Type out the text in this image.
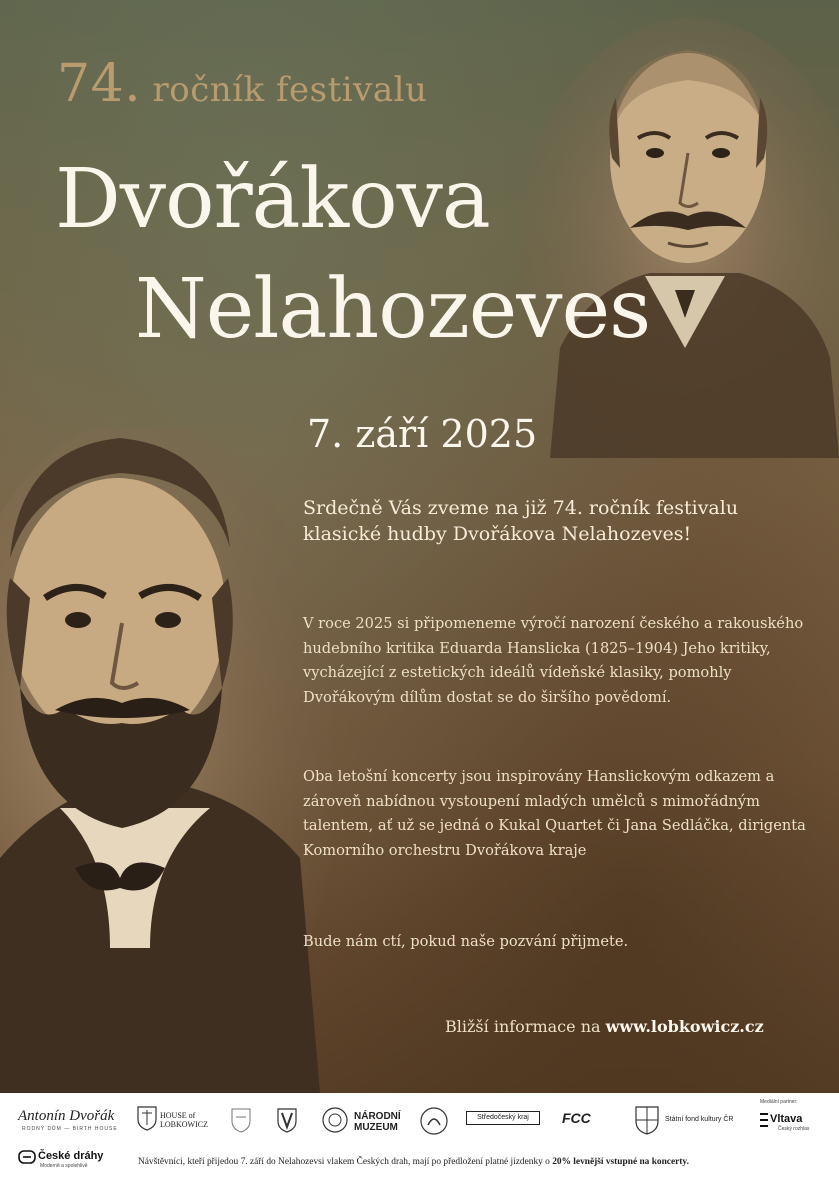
74. ročník festivalu
Dvořákova
Nelahozeves
7. září 2025

Srdečně Vás zveme na již 74. ročník festivalu klasické hudby Dvořákova Nelahozeves!

V roce 2025 si připomeneme výročí narození českého a rakouského hudebního kritika Eduarda Hanslicka (1825–1904) Jeho kritiky, vycházející z estetických ideálů vídeňské klasiky, pomohly Dvořákovým dílům dostat se do širšího povědomí.

Oba letošní koncerty jsou inspirovány Hanslickovým odkazem a zároveň nabídnou vystoupení mladých umělců s mimořádným talentem, ať už se jedná o Kukal Quartet či Jana Sedláčka, dirigenta Komorního orchestru Dvořákova kraje

Bude nám ctí, pokud naše pozvání přijmete.

Bližší informace na www.lobkowicz.cz
Antonín Dvořák
RODNÝ DŮM — BIRTH HOUSE
HOUSE of
LOBKOWICZ
NÁRODNÍ
MUZEUM
Středočeský kraj	FCC	Státní fond kultury ČR
Mediální partner:
Vltava
Český rozhlas
České dráhy
Moderně a spolehlivě	Návštěvníci, kteří přijedou 7. září do Nelahozevsi vlakem Českých drah, mají po předložení platné jízdenky o 20% levnější vstupné na koncerty.
